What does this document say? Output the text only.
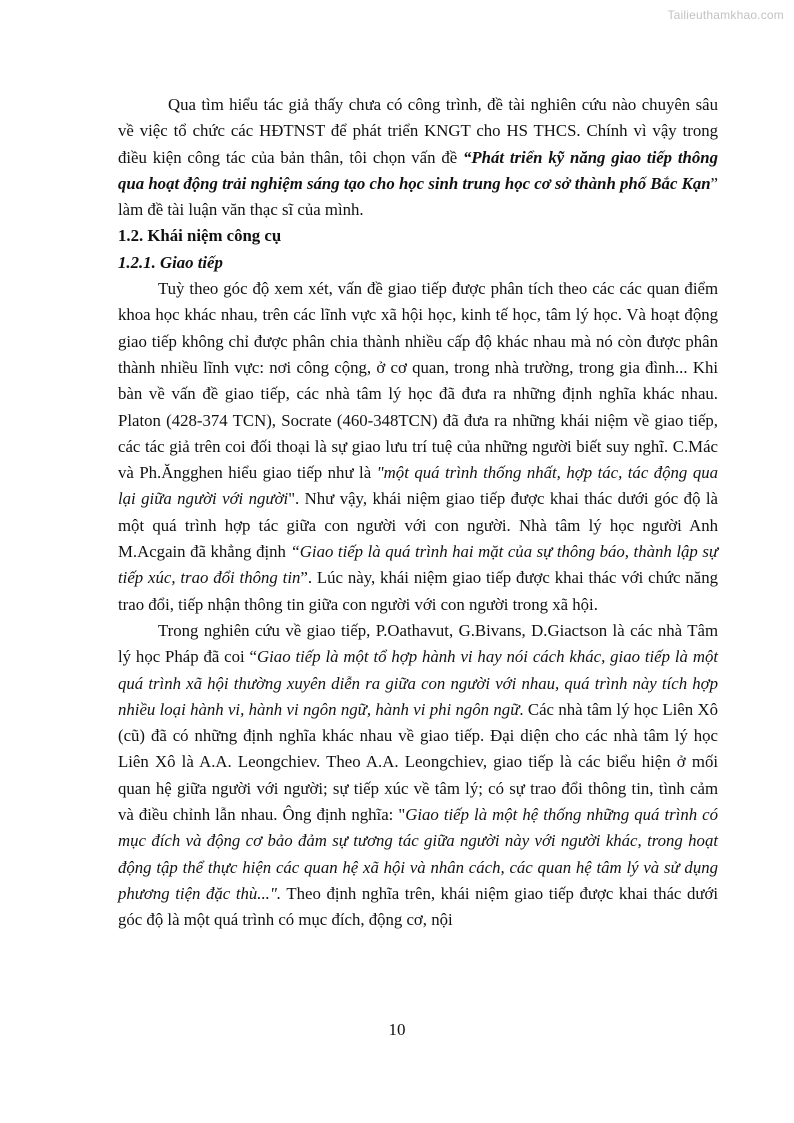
Tailieuthamkhao.com

Qua tìm hiểu tác giả thấy chưa có công trình, đề tài nghiên cứu nào chuyên sâu về việc tổ chức các HĐTNST để phát triển KNGT cho HS THCS. Chính vì vậy trong điều kiện công tác của bản thân, tôi chọn vấn đề “Phát triển kỹ năng giao tiếp thông qua hoạt động trải nghiệm sáng tạo cho học sinh trung học cơ sở thành phố Bắc Kạn” làm đề tài luận văn thạc sĩ của mình.

1.2. Khái niệm công cụ
1.2.1. Giao tiếp

Tuỳ theo góc độ xem xét, vấn đề giao tiếp được phân tích theo các các quan điểm khoa học khác nhau, trên các lĩnh vực xã hội học, kinh tế học, tâm lý học. Và hoạt động giao tiếp không chỉ được phân chia thành nhiều cấp độ khác nhau mà nó còn được phân thành nhiều lĩnh vực: nơi công cộng, ở cơ quan, trong nhà trường, trong gia đình... Khi bàn về vấn đề giao tiếp, các nhà tâm lý học đã đưa ra những định nghĩa khác nhau. Platon (428-374 TCN), Socrate (460-348TCN) đã đưa ra những khái niệm về giao tiếp, các tác giả trên coi đối thoại là sự giao lưu trí tuệ của những người biết suy nghĩ. C.Mác và Ph.Ăngghen hiểu giao tiếp như là "một quá trình thống nhất, hợp tác, tác động qua lại giữa người với người". Như vậy, khái niệm giao tiếp được khai thác dưới góc độ là một quá trình hợp tác giữa con người với con người. Nhà tâm lý học người Anh M.Acgain đã khẳng định “Giao tiếp là quá trình hai mặt của sự thông báo, thành lập sự tiếp xúc, trao đổi thông tin”. Lúc này, khái niệm giao tiếp được khai thác với chức năng trao đổi, tiếp nhận thông tin giữa con người với con người trong xã hội.

Trong nghiên cứu về giao tiếp, P.Oathavut, G.Bivans, D.Giactson là các nhà Tâm lý học Pháp đã coi “Giao tiếp là một tổ hợp hành vi hay nói cách khác, giao tiếp là một quá trình xã hội thường xuyên diễn ra giữa con người với nhau, quá trình này tích hợp nhiều loại hành vi, hành vi ngôn ngữ, hành vi phi ngôn ngữ. Các nhà tâm lý học Liên Xô (cũ) đã có những định nghĩa khác nhau về giao tiếp. Đại diện cho các nhà tâm lý học Liên Xô là A.A. Leongchiev. Theo A.A. Leongchiev, giao tiếp là các biểu hiện ở mối quan hệ giữa người với người; sự tiếp xúc về tâm lý; có sự trao đổi thông tin, tình cảm và điều chỉnh lẫn nhau. Ông định nghĩa: "Giao tiếp là một hệ thống những quá trình có mục đích và động cơ bảo đảm sự tương tác giữa người này với người khác, trong hoạt động tập thể thực hiện các quan hệ xã hội và nhân cách, các quan hệ tâm lý và sử dụng phương tiện đặc thù...". Theo định nghĩa trên, khái niệm giao tiếp được khai thác dưới góc độ là một quá trình có mục đích, động cơ, nội

10
